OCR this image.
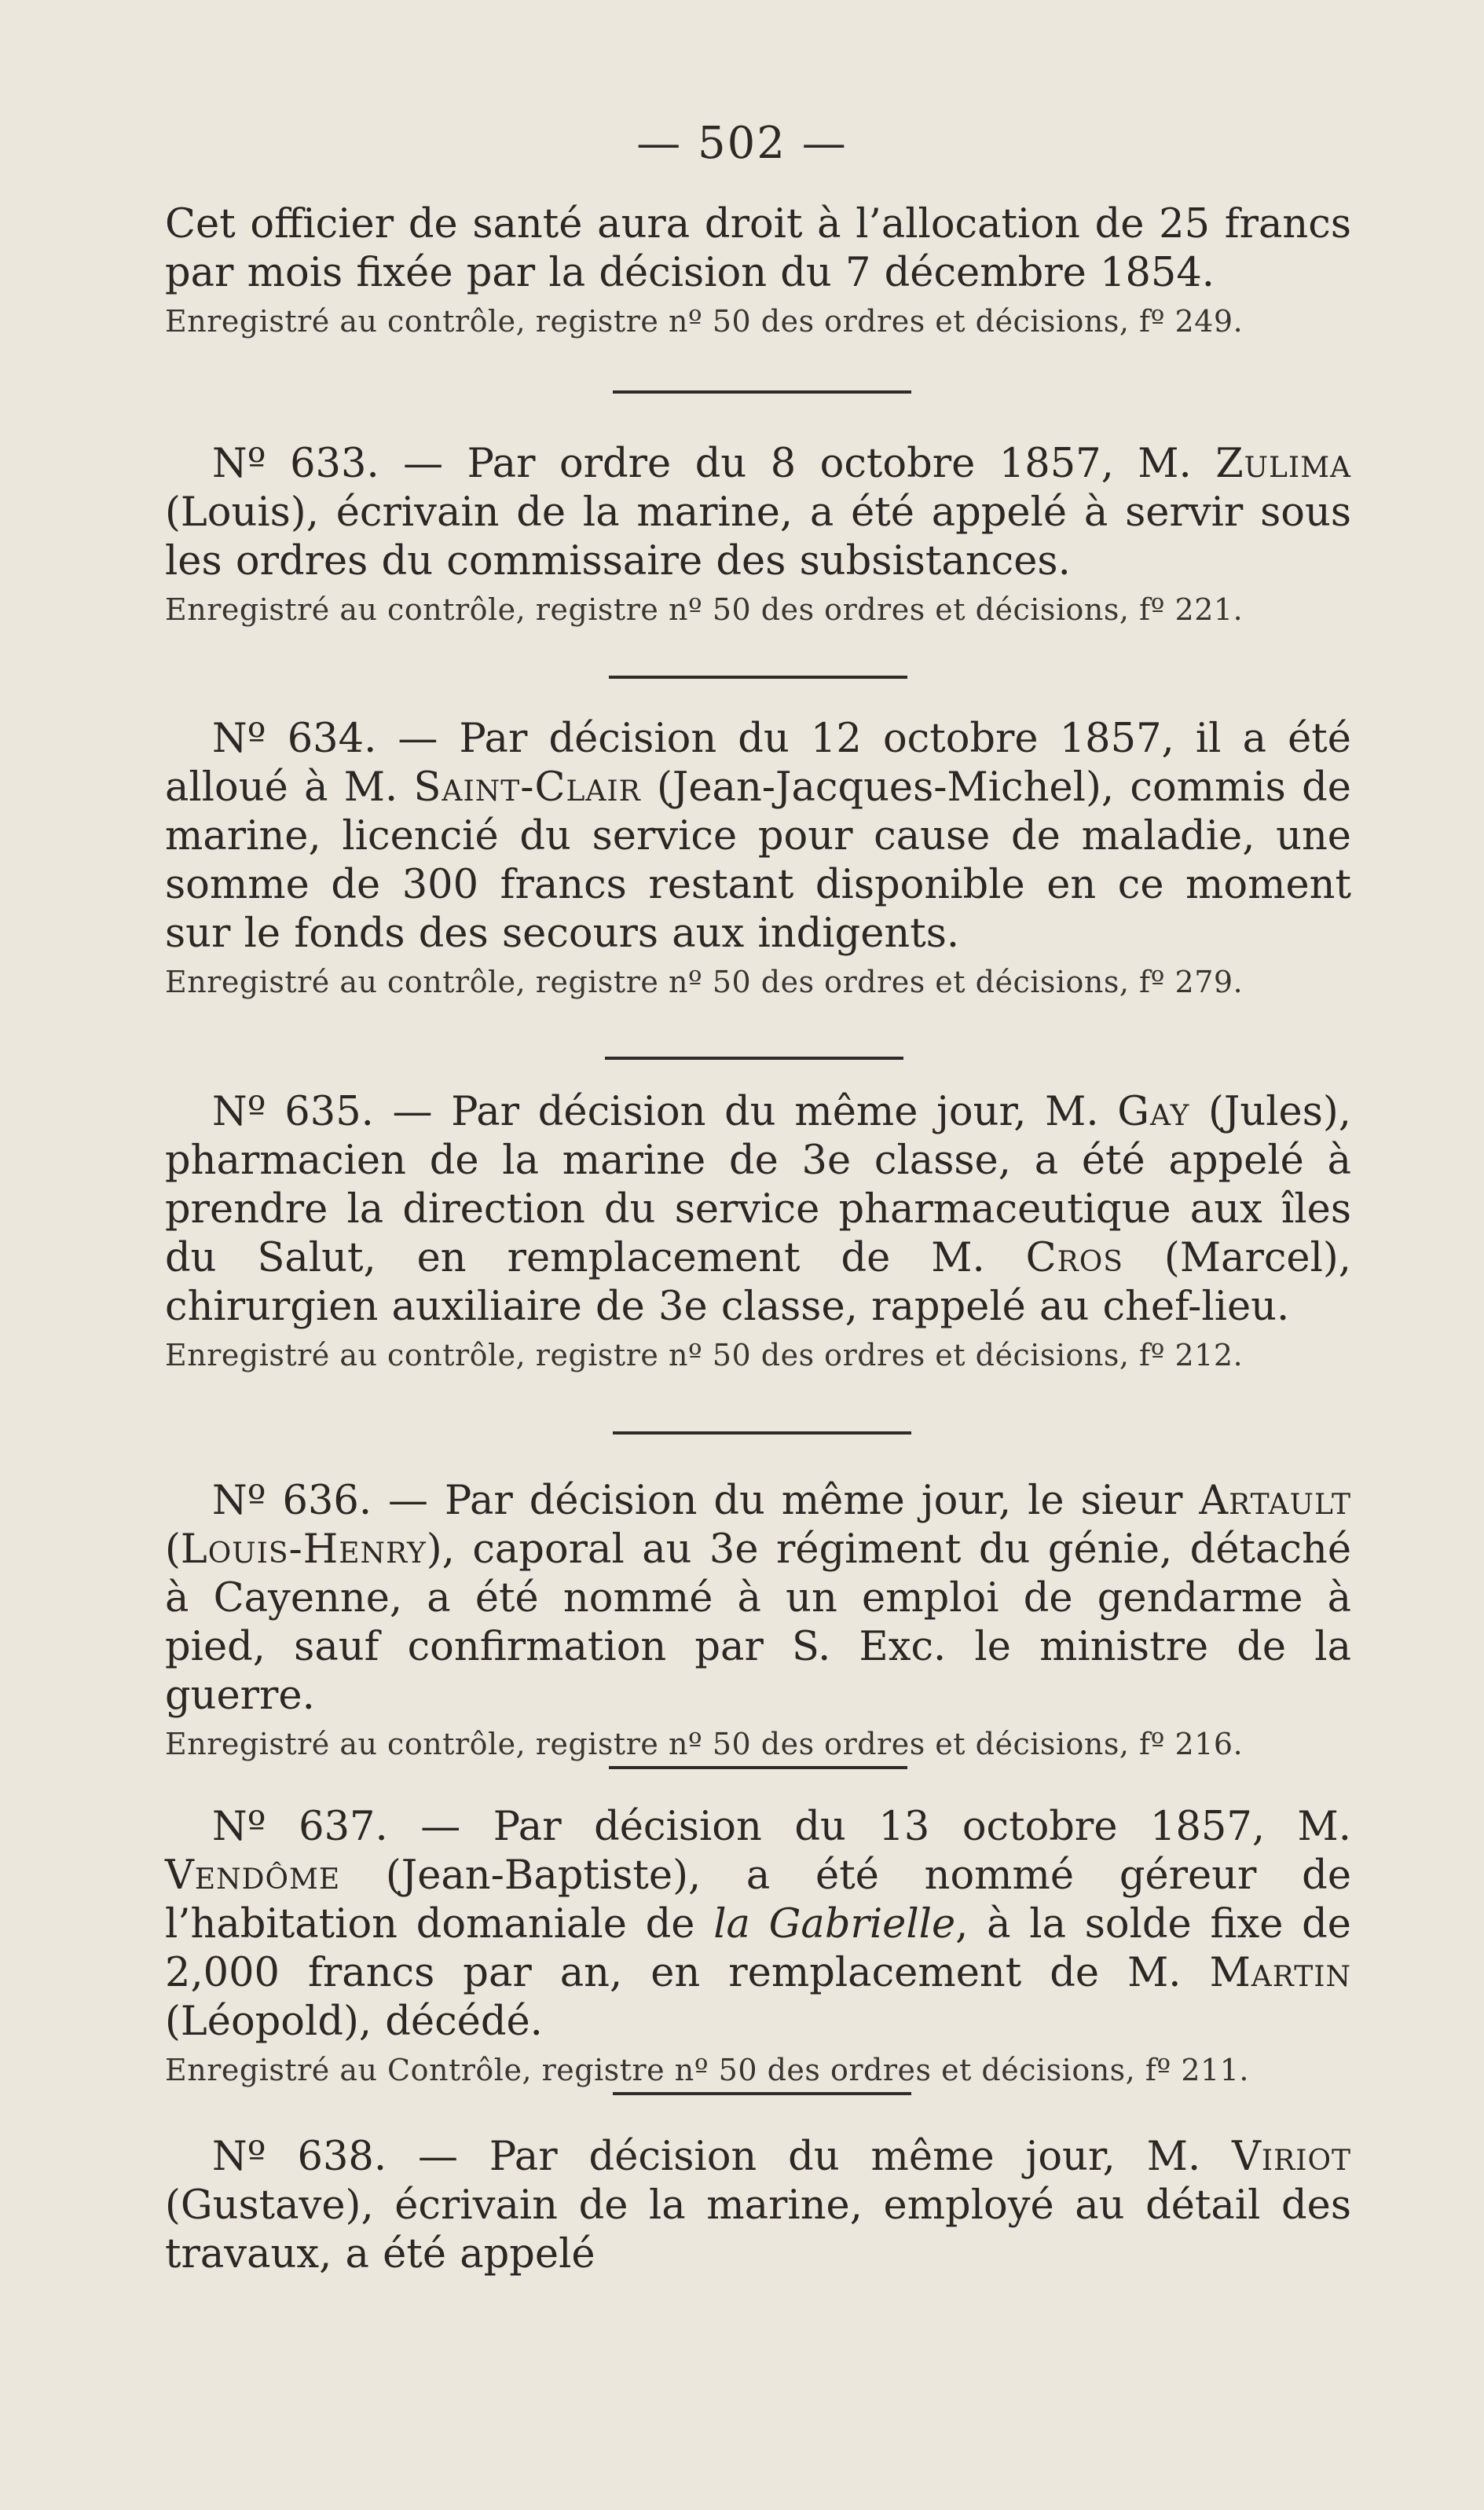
— 502 —

Cet officier de santé aura droit à l’allocation de 25 francs par mois fixée par la décision du 7 décembre 1854.

Enregistré au contrôle, registre nº 50 des ordres et décisions, fº 249.

Nº 633. — Par ordre du 8 octobre 1857, M. Zulima (Louis), écrivain de la marine, a été appelé à servir sous les ordres du commissaire des subsistances.

Enregistré au contrôle, registre nº 50 des ordres et décisions, fº 221.

Nº 634. — Par décision du 12 octobre 1857, il a été alloué à M. Saint-Clair (Jean-Jacques-Michel), commis de marine, licencié du service pour cause de maladie, une somme de 300 francs restant disponible en ce moment sur le fonds des secours aux indigents.

Enregistré au contrôle, registre nº 50 des ordres et décisions, fº 279.

Nº 635. — Par décision du même jour, M. Gay (Jules), pharmacien de la marine de 3e classe, a été appelé à prendre la direction du service pharmaceutique aux îles du Salut, en remplacement de M. Cros (Marcel), chirurgien auxiliaire de 3e classe, rappelé au chef-lieu.

Enregistré au contrôle, registre nº 50 des ordres et décisions, fº 212.

Nº 636. — Par décision du même jour, le sieur Artault (Louis-Henry), caporal au 3e régiment du génie, détaché à Cayenne, a été nommé à un emploi de gendarme à pied, sauf confirmation par S. Exc. le ministre de la guerre.

Enregistré au contrôle, registre nº 50 des ordres et décisions, fº 216.

Nº 637. — Par décision du 13 octobre 1857, M. Vendôme (Jean-Baptiste), a été nommé géreur de l’habitation domaniale de la Gabrielle, à la solde fixe de 2,000 francs par an, en remplacement de M. Martin (Léopold), décédé.

Enregistré au Contrôle, registre nº 50 des ordres et décisions, fº 211.

Nº 638. — Par décision du même jour, M. Viriot (Gustave), écrivain de la marine, employé au détail des travaux, a été appelé
